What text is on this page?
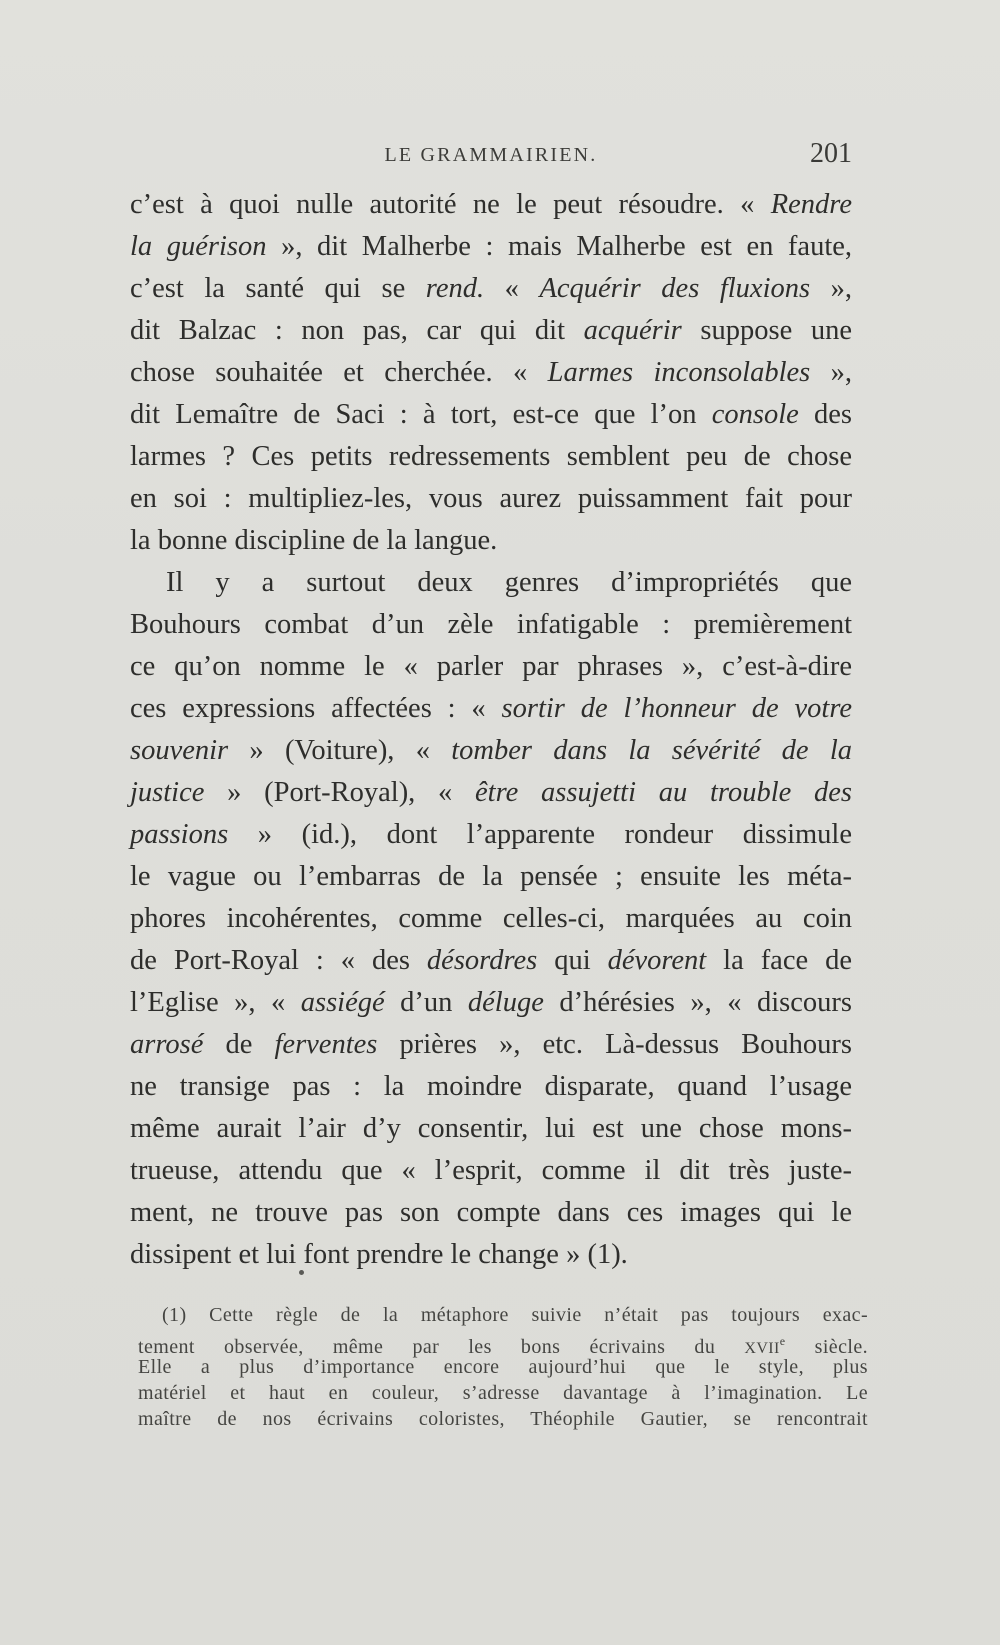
LE GRAMMAIRIEN.	201
c’est à quoi nulle autorité ne le peut résoudre. « Rendre
la guérison », dit Malherbe : mais Malherbe est en faute,
c’est la santé qui se rend. « Acquérir des fluxions »,
dit Balzac : non pas, car qui dit acquérir suppose une
chose souhaitée et cherchée. « Larmes inconsolables »,
dit Lemaître de Saci : à tort, est-ce que l’on console des
larmes ? Ces petits redressements semblent peu de chose
en soi : multipliez-les, vous aurez puissamment fait pour
la bonne discipline de la langue.
Il y a surtout deux genres d’impropriétés que
Bouhours combat d’un zèle infatigable : premièrement
ce qu’on nomme le « parler par phrases », c’est-à-dire
ces expressions affectées : « sortir de l’honneur de votre
souvenir » (Voiture), « tomber dans la sévérité de la
justice » (Port-Royal), « être assujetti au trouble des
passions » (id.), dont l’apparente rondeur dissimule
le vague ou l’embarras de la pensée ; ensuite les méta-
phores incohérentes, comme celles-ci, marquées au coin
de Port-Royal : « des désordres qui dévorent la face de
l’Eglise », « assiégé d’un déluge d’hérésies », « discours
arrosé de ferventes prières », etc. Là-dessus Bouhours
ne transige pas : la moindre disparate, quand l’usage
même aurait l’air d’y consentir, lui est une chose mons-
trueuse, attendu que « l’esprit, comme il dit très juste-
ment, ne trouve pas son compte dans ces images qui le
dissipent et lui font prendre le change » (1).
(1) Cette règle de la métaphore suivie n’était pas toujours exac-
tement observée, même par les bons écrivains du XVIIe siècle.
Elle a plus d’importance encore aujourd’hui que le style, plus
matériel et haut en couleur, s’adresse davantage à l’imagination. Le
maître de nos écrivains coloristes, Théophile Gautier, se rencontrait
